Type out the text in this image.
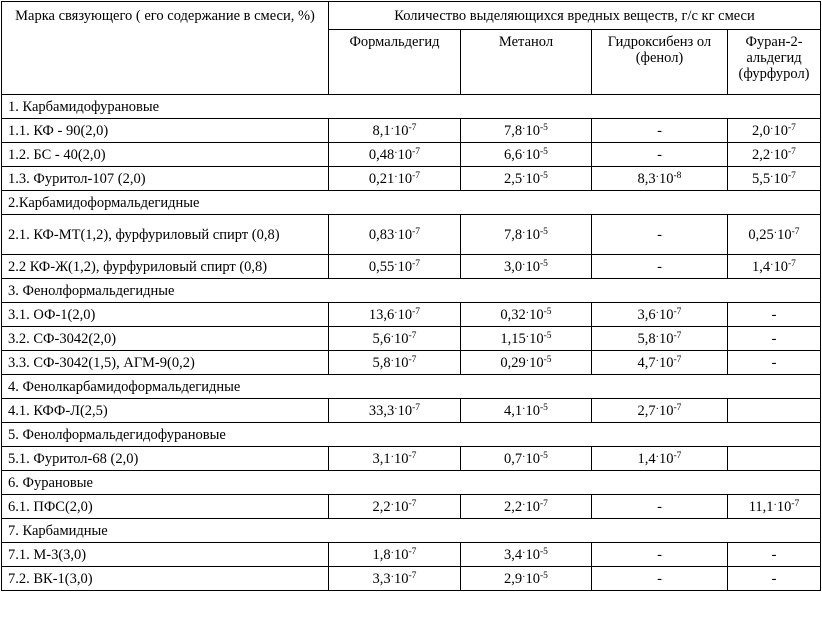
Марка связующего ( его содержание в смеси, %)	Количество выделяющихся вредных веществ, г/с кг смеси			
	Формальдегид	Метанол	Гидроксибенз ол (фенол)	Фуран-2-альдегид (фурфурол)
1. Карбамидофурановые				
1.1. КФ - 90(2,0)	$8,1^\cdot 10^{-7}$	$7,8^\cdot 10^{-5}$	-	$2,0^\cdot 10^{-7}$
1.2. БС - 40(2,0)	$0,48^\cdot 10^{-7}$	$6,6^\cdot 10^{-5}$	-	$2,2^\cdot 10^{-7}$
1.3. Фуритол-107 (2,0)	$0,21^\cdot 10^{-7}$	$2,5^\cdot 10^{-5}$	$8,3^\cdot 10^{-8}$	$5,5^\cdot 10^{-7}$
2.Карбамидоформальдегидные				
2.1. КФ-МТ(1,2), фурфуриловый спирт (0,8)	$0,83^\cdot 10^{-7}$	$7,8^\cdot 10^{-5}$	-	$0,25^\cdot 10^{-7}$
2.2 КФ-Ж(1,2), фурфуриловый спирт (0,8)	$0,55^\cdot 10^{-7}$	$3,0^\cdot 10^{-5}$	-	$1,4^\cdot 10^{-7}$
3. Фенолформальдегидные				
3.1. ОФ-1(2,0)	$13,6^\cdot 10^{-7}$	$0,32^\cdot 10^{-5}$	$3,6^\cdot 10^{-7}$	-
3.2. СФ-3042(2,0)	$5,6^\cdot 10^{-7}$	$1,15^\cdot 10^{-5}$	$5,8^\cdot 10^{-7}$	-
3.3. СФ-3042(1,5), АГМ-9(0,2)	$5,8^\cdot 10^{-7}$	$0,29^\cdot 10^{-5}$	$4,7^\cdot 10^{-7}$	-
4. Фенолкарбамидоформальдегидные				
4.1. КФФ-Л(2,5)	$33,3^\cdot 10^{-7}$	$4,1^\cdot 10^{-5}$	$2,7^\cdot 10^{-7}$	
5. Фенолформальдегидофурановые				
5.1. Фуритол-68 (2,0)	$3,1^\cdot 10^{-7}$	$0,7^\cdot 10^{-5}$	$1,4^\cdot 10^{-7}$	
6. Фурановые				
6.1. ПФС(2,0)	$2,2^\cdot 10^{-7}$	$2,2^\cdot 10^{-7}$	-	$11,1^\cdot 10^{-7}$
7. Карбамидные				
7.1. М-3(3,0)	$1,8^\cdot 10^{-7}$	$3,4^\cdot 10^{-5}$	-	-
7.2. ВК-1(3,0)	$3,3^\cdot 10^{-7}$	$2,9^\cdot 10^{-5}$	-	-
